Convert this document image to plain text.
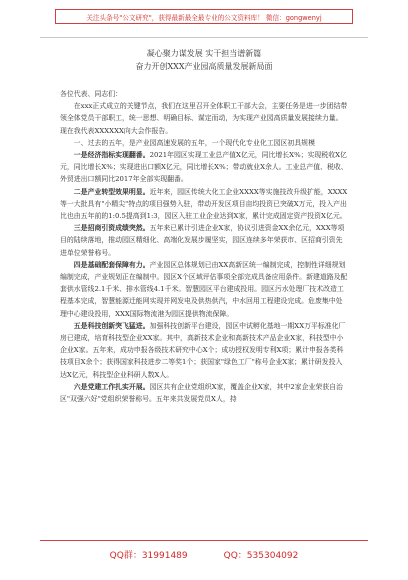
关注头条号"公文研究"，获得最新最全最专业的公文资料库！ 微信：gongwenyj
凝心聚力谋发展 实干担当谱新篇
奋力开创XXX产业园高质量发展新局面

各位代表、同志们：

在xxx正式成立的关键节点，我们在这里召开全体职工干部大会，主要任务是进一步团结带领全体党员干部职工，统一思想、明确目标、谋定而动，为实现产业园高质量发展接续力量。现在我代表XXXXXX向大会作报告。

一、过去的五年，是产业园高速发展的五年，一个现代化专业化工园区初具规模

一是经济指标实现翻番。2021年园区实现工业总产值X亿元，同比增长X%；实现税收X亿元，同比增长X%；实现进出口额X亿元，同比增长X%；带动就业X余人。工业总产值、税收、外贸进出口额同比2017年全部实现翻番。

二是产业转型效果明显。近年来，园区传统大化工企业XXXX等实施技改升级扩能，XXXX等一大批具有"小精尖"特点的项目强势入驻，带动开发区项目亩均投资已突破X万元，投入产出比也由五年前的1:0.5提高到1:3，园区入驻工业企业达到X家，累计完成固定资产投资X亿元。

三是招商引资成绩突然。五年来已累计引进企业X家，协议引进资金XX余亿元，XXX等项目的陆续落地，推动园区精细化、高端化发展步履坚实，园区连续多年荣获市、区招商引资先进单位荣誉称号。

四是基础配套保障有力。产业园区总体规划已由XX高新区统一编制完成，控制性详细规划编制完成，产业规划正在编制中。园区X个区域评估事项全部完成具备应用条件。新建道路及配套供水管线2.1千米、排水管线4.1千米。智慧园区平台建成投用。园区污水处理厂技术改造工程基本完成，智慧能源迁能网实现并网发电及供热供汽，中水回用工程建设完成。危废集中处理中心建设投用，XXX国际物流港为园区提供物流保障。

五是科技创新突飞猛进。加强科技创新平台建设，园区中试孵化基地一期XX万平标准化厂房已建成，培育科技型企业XX家。其中，高新技术企业和高新技术产品企业X家，科技型中小企业X家。五年来，成功申报各级技术研究中心X个；成功授权发明专利X项；累计申报各类科技项目X余个；获得国家科技进步二等奖1个；获国家"绿色工厂"称号企业X家；累计研发投入达X亿元，科技型企业科研人数X人。

六是党建工作扎实开展。园区共有企业党组织X家，覆盖企业X家，其中2家企业荣获自治区"双强六好"党组织荣誉称号。五年来共发展党员X人，持

QQ群：31991489	QQ：535304092
